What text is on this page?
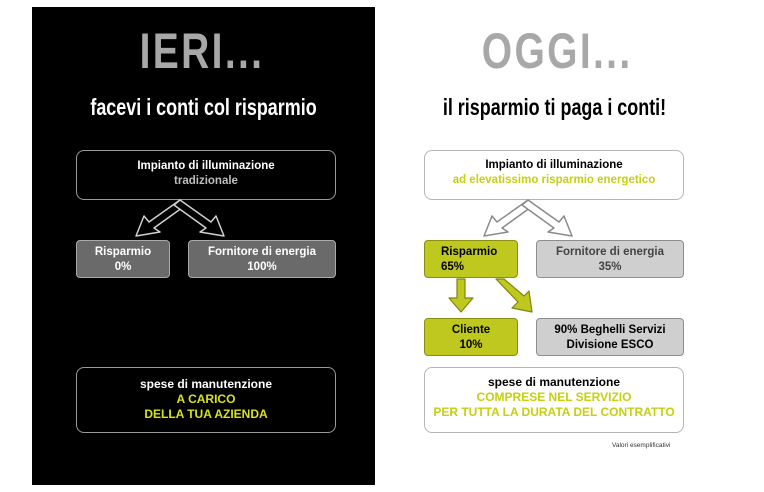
IERI...
facevi i conti col risparmio
Impianto di illuminazione
tradizionale
Risparmio
0%
Fornitore di energia
100%
spese di manutenzione
A CARICO
DELLA TUA AZIENDA
OGGI...
il risparmio ti paga i conti!
Impianto di illuminazione
ad elevatissimo risparmio energetico
Risparmio
65%
Fornitore di energia
35%
Cliente
10%
90% Beghelli Servizi
Divisione ESCO
spese di manutenzione
COMPRESE NEL SERVIZIO
PER TUTTA LA DURATA DEL CONTRATTO
Valori esemplificativi
